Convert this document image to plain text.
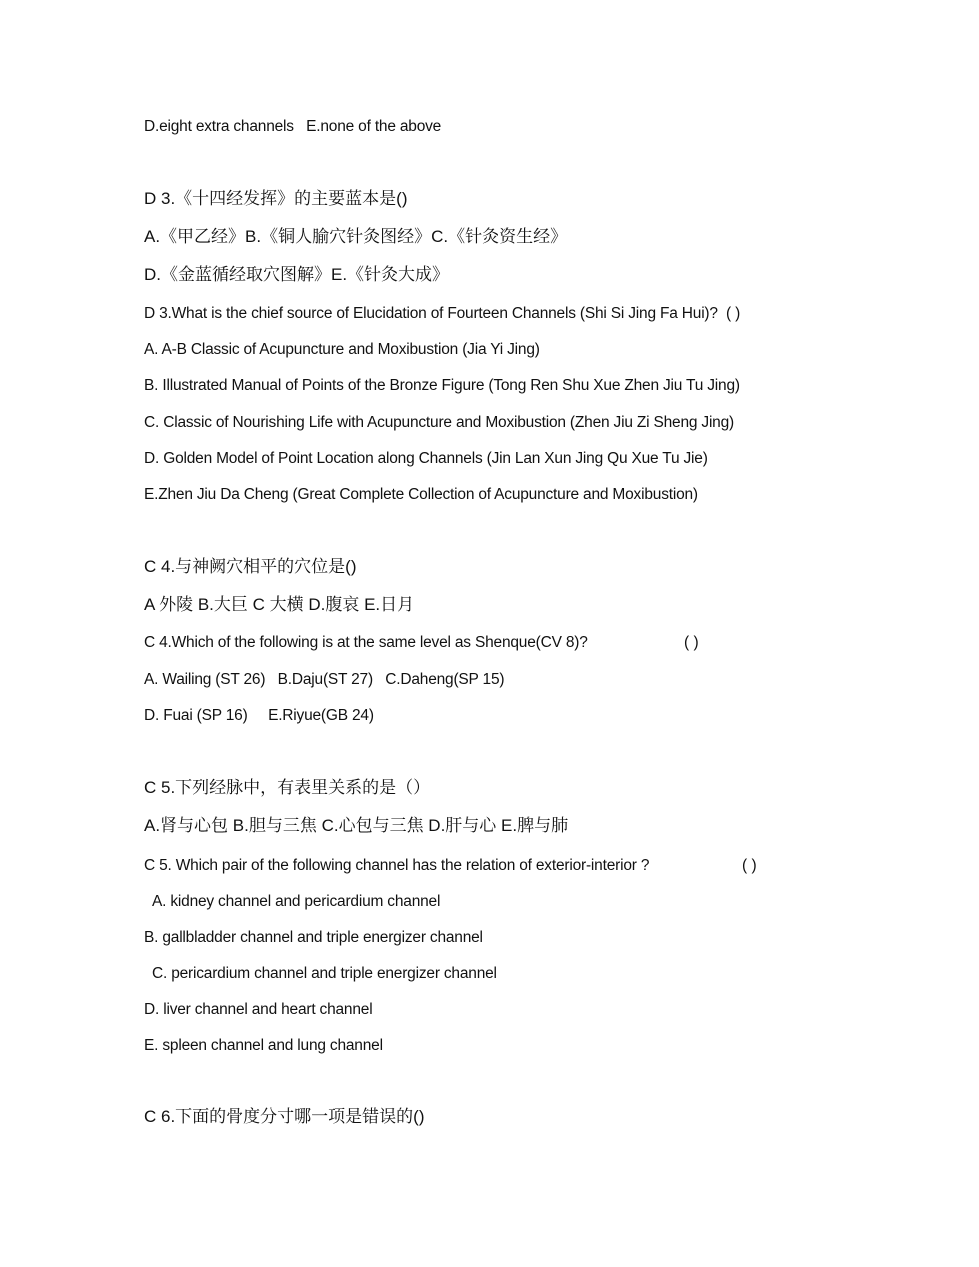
D.eight extra channels   E.none of the above
D 3.《十四经发挥》的主要蓝本是()
A.《甲乙经》B.《铜人腧穴针灸图经》C.《针灸资生经》
D.《金蓝循经取穴图解》E.《针灸大成》
D 3.What is the chief source of Elucidation of Fourteen Channels (Shi Si Jing Fa Hui)?  ( )
A. A-B Classic of Acupuncture and Moxibustion (Jia Yi Jing)
B. Illustrated Manual of Points of the Bronze Figure (Tong Ren Shu Xue Zhen Jiu Tu Jing)
C. Classic of Nourishing Life with Acupuncture and Moxibustion (Zhen Jiu Zi Sheng Jing)
D. Golden Model of Point Location along Channels (Jin Lan Xun Jing Qu Xue Tu Jie)
E.Zhen Jiu Da Cheng (Great Complete Collection of Acupuncture and Moxibustion)
C 4.与神阙穴相平的穴位是()
A 外陵 B.大巨 C 大横 D.腹哀 E.日月
C 4.Which of the following is at the same level as Shenque(CV 8)?	( )
A. Wailing (ST 26)   B.Daju(ST 27)   C.Daheng(SP 15)
D. Fuai (SP 16)     E.Riyue(GB 24)
C 5.下列经脉中，有表里关系的是（）
A.肾与心包 B.胆与三焦 C.心包与三焦 D.肝与心 E.脾与肺
C 5. Which pair of the following channel has the relation of exterior-interior ?	( )
A. kidney channel and pericardium channel
B. gallbladder channel and triple energizer channel
C. pericardium channel and triple energizer channel
D. liver channel and heart channel
E. spleen channel and lung channel
C 6.下面的骨度分寸哪一项是错误的()
